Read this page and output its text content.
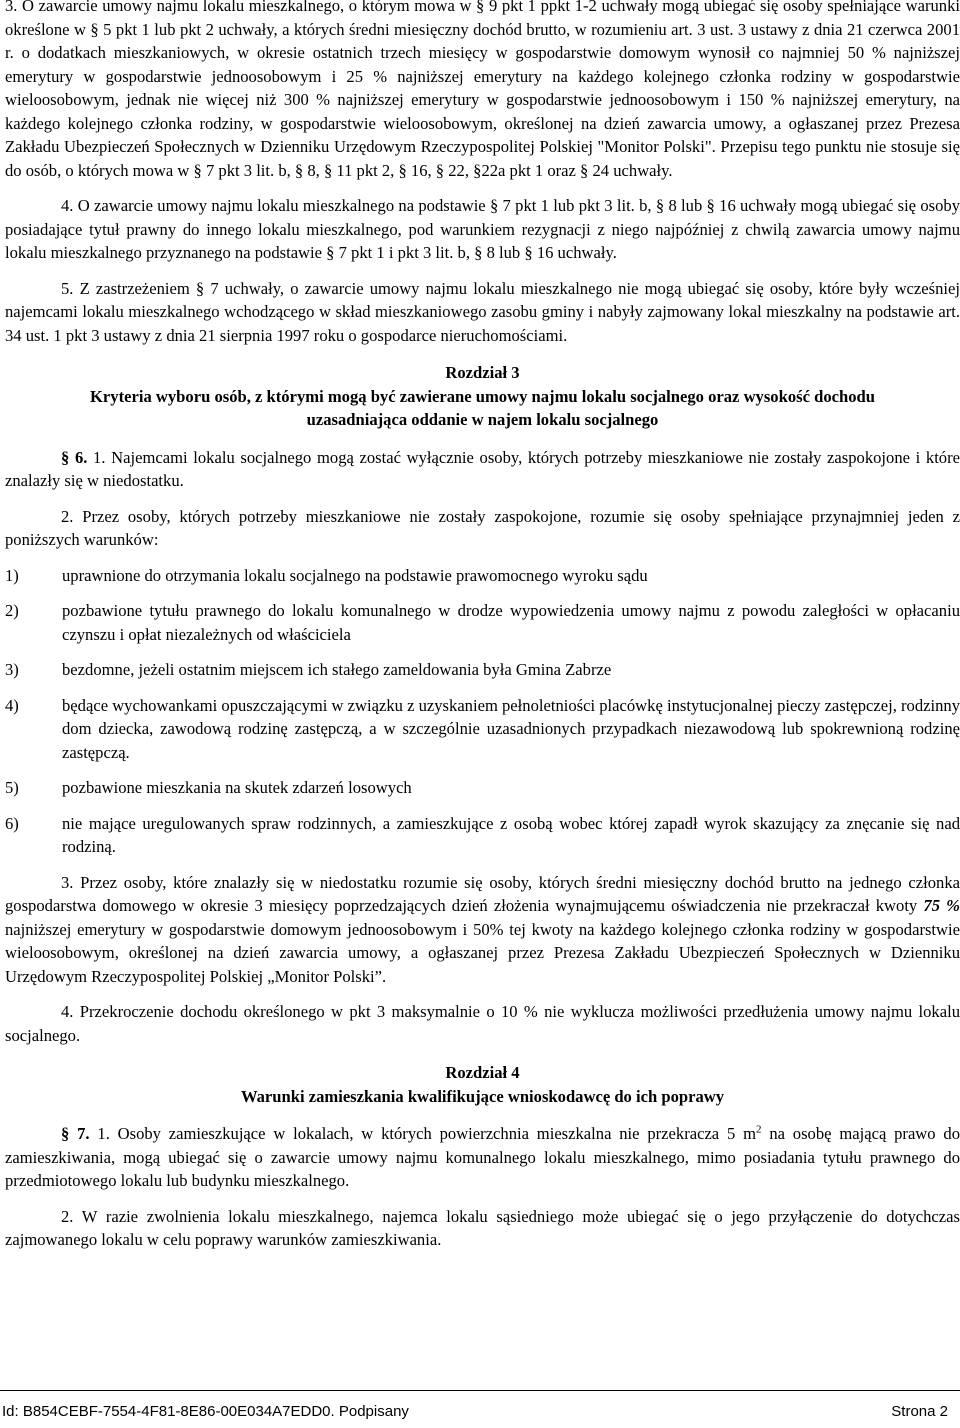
3. O zawarcie umowy najmu lokalu mieszkalnego, o którym mowa w § 9 pkt 1 ppkt 1-2 uchwały mogą ubiegać się osoby spełniające warunki określone w § 5 pkt 1 lub pkt 2 uchwały, a których średni miesięczny dochód brutto, w rozumieniu art. 3 ust. 3 ustawy z dnia 21 czerwca 2001 r. o dodatkach mieszkaniowych, w okresie ostatnich trzech miesięcy w gospodarstwie domowym wynosił co najmniej 50 % najniższej emerytury w gospodarstwie jednoosobowym i 25 % najniższej emerytury na każdego kolejnego członka rodziny w gospodarstwie wieloosobowym, jednak nie więcej niż 300 % najniższej emerytury w gospodarstwie jednoosobowym i 150 % najniższej emerytury, na każdego kolejnego członka rodziny, w gospodarstwie wieloosobowym, określonej na dzień zawarcia umowy, a ogłaszanej przez Prezesa Zakładu Ubezpieczeń Społecznych w Dzienniku Urzędowym Rzeczypospolitej Polskiej "Monitor Polski". Przepisu tego punktu nie stosuje się do osób, o których mowa w § 7 pkt 3 lit. b, § 8, § 11 pkt 2, § 16, § 22, §22a pkt 1 oraz § 24 uchwały.

4. O zawarcie umowy najmu lokalu mieszkalnego na podstawie § 7 pkt 1 lub pkt 3 lit. b, § 8 lub § 16 uchwały mogą ubiegać się osoby posiadające tytuł prawny do innego lokalu mieszkalnego, pod warunkiem rezygnacji z niego najpóźniej z chwilą zawarcia umowy najmu lokalu mieszkalnego przyznanego na podstawie § 7 pkt 1 i pkt 3 lit. b, § 8 lub § 16 uchwały.

5. Z zastrzeżeniem § 7 uchwały, o zawarcie umowy najmu lokalu mieszkalnego nie mogą ubiegać się osoby, które były wcześniej najemcami lokalu mieszkalnego wchodzącego w skład mieszkaniowego zasobu gminy i nabyły zajmowany lokal mieszkalny na podstawie art. 34 ust. 1 pkt 3 ustawy z dnia 21 sierpnia 1997 roku o gospodarce nieruchomościami.

Rozdział 3
Kryteria wyboru osób, z którymi mogą być zawierane umowy najmu lokalu socjalnego oraz wysokość dochodu uzasadniająca oddanie w najem lokalu socjalnego

§ 6. 1. Najemcami lokalu socjalnego mogą zostać wyłącznie osoby, których potrzeby mieszkaniowe nie zostały zaspokojone i które znalazły się w niedostatku.

2. Przez osoby, których potrzeby mieszkaniowe nie zostały zaspokojone, rozumie się osoby spełniające przynajmniej jeden z poniższych warunków:

1)	uprawnione do otrzymania lokalu socjalnego na podstawie prawomocnego wyroku sądu
2)	pozbawione tytułu prawnego do lokalu komunalnego w drodze wypowiedzenia umowy najmu z powodu zaległości w opłacaniu czynszu i opłat niezależnych od właściciela
3)	bezdomne, jeżeli ostatnim miejscem ich stałego zameldowania była Gmina Zabrze
4)	będące wychowankami opuszczającymi w związku z uzyskaniem pełnoletniości placówkę instytucjonalnej pieczy zastępczej, rodzinny dom dziecka, zawodową rodzinę zastępczą, a w szczególnie uzasadnionych przypadkach niezawodową lub spokrewnioną rodzinę zastępczą.
5)	pozbawione mieszkania na skutek zdarzeń losowych
6)	nie mające uregulowanych spraw rodzinnych, a zamieszkujące z osobą wobec której zapadł wyrok skazujący za znęcanie się nad rodziną.

3. Przez osoby, które znalazły się w niedostatku rozumie się osoby, których średni miesięczny dochód brutto na jednego członka gospodarstwa domowego w okresie 3 miesięcy poprzedzających dzień złożenia wynajmującemu oświadczenia nie przekraczał kwoty 75 % najniższej emerytury w gospodarstwie domowym jednoosobowym i 50% tej kwoty na każdego kolejnego członka rodziny w gospodarstwie wieloosobowym, określonej na dzień zawarcia umowy, a ogłaszanej przez Prezesa Zakładu Ubezpieczeń Społecznych w Dzienniku Urzędowym Rzeczypospolitej Polskiej „Monitor Polski”.

4. Przekroczenie dochodu określonego w pkt 3 maksymalnie o 10 % nie wyklucza możliwości przedłużenia umowy najmu lokalu socjalnego.

Rozdział 4
Warunki zamieszkania kwalifikujące wnioskodawcę do ich poprawy

§ 7. 1. Osoby zamieszkujące w lokalach, w których powierzchnia mieszkalna nie przekracza 5 $m^2$ na osobę mającą prawo do zamieszkiwania, mogą ubiegać się o zawarcie umowy najmu komunalnego lokalu mieszkalnego, mimo posiadania tytułu prawnego do przedmiotowego lokalu lub budynku mieszkalnego.

2. W razie zwolnienia lokalu mieszkalnego, najemca lokalu sąsiedniego może ubiegać się o jego przyłączenie do dotychczas zajmowanego lokalu w celu poprawy warunków zamieszkiwania.

Id: B854CEBF-7554-4F81-8E86-00E034A7EDD0. Podpisany	Strona 2
